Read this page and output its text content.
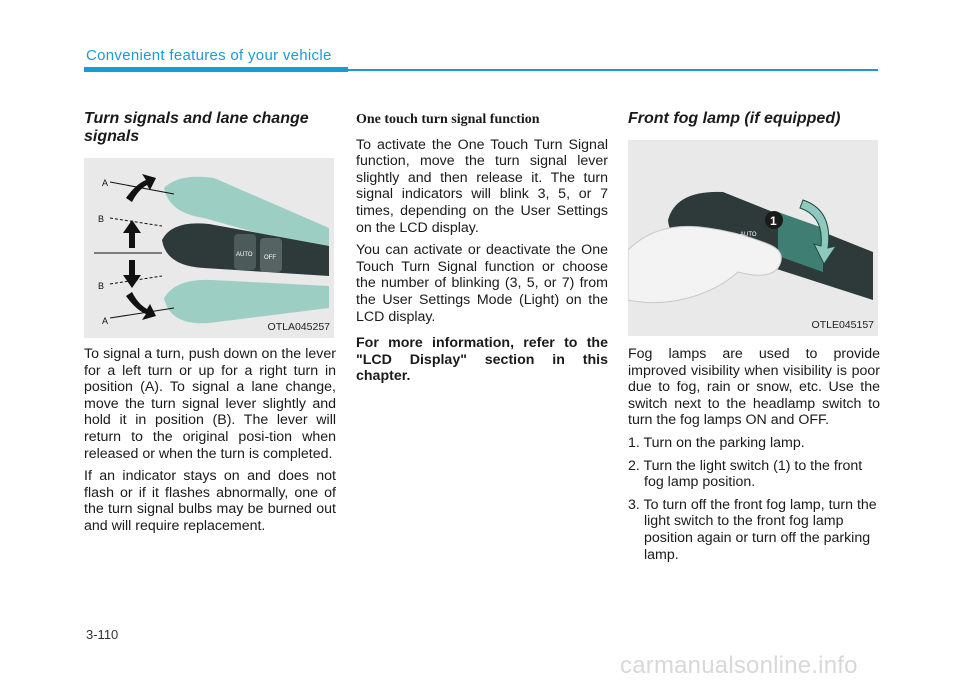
Convenient features of your vehicle
Turn signals and lane change signals
AUTO OFF
A
B
B
A
OTLA045257

To signal a turn, push down on the lever for a left turn or up for a right turn in position (A). To signal a lane change, move the turn signal lever slightly and hold it in position (B). The lever will return to the original posi-tion when released or when the turn is completed.

If an indicator stays on and does not flash or if it flashes abnormally, one of the turn signal bulbs may be burned out and will require replacement.

One touch turn signal function

To activate the One Touch Turn Signal function, move the turn signal lever slightly and then release it. The turn signal indicators will blink 3, 5, or 7 times, depending on the User Settings on the LCD display.

You can activate or deactivate the One Touch Turn Signal function or choose the number of blinking (3, 5, or 7) from the User Settings Mode (Light) on the LCD display.

For more information, refer to the "LCD Display" section in this chapter.

Front fog lamp (if equipped)
1
AUTO
OTLE045157

Fog lamps are used to provide improved visibility when visibility is poor due to fog, rain or snow, etc. Use the switch next to the headlamp switch to turn the fog lamps ON and OFF.

1. Turn on the parking lamp.
2. Turn the light switch (1) to the front fog lamp position.
3. To turn off the front fog lamp, turn the light switch to the front fog lamp position again or turn off the parking lamp.
3-110
carmanualsonline.info
